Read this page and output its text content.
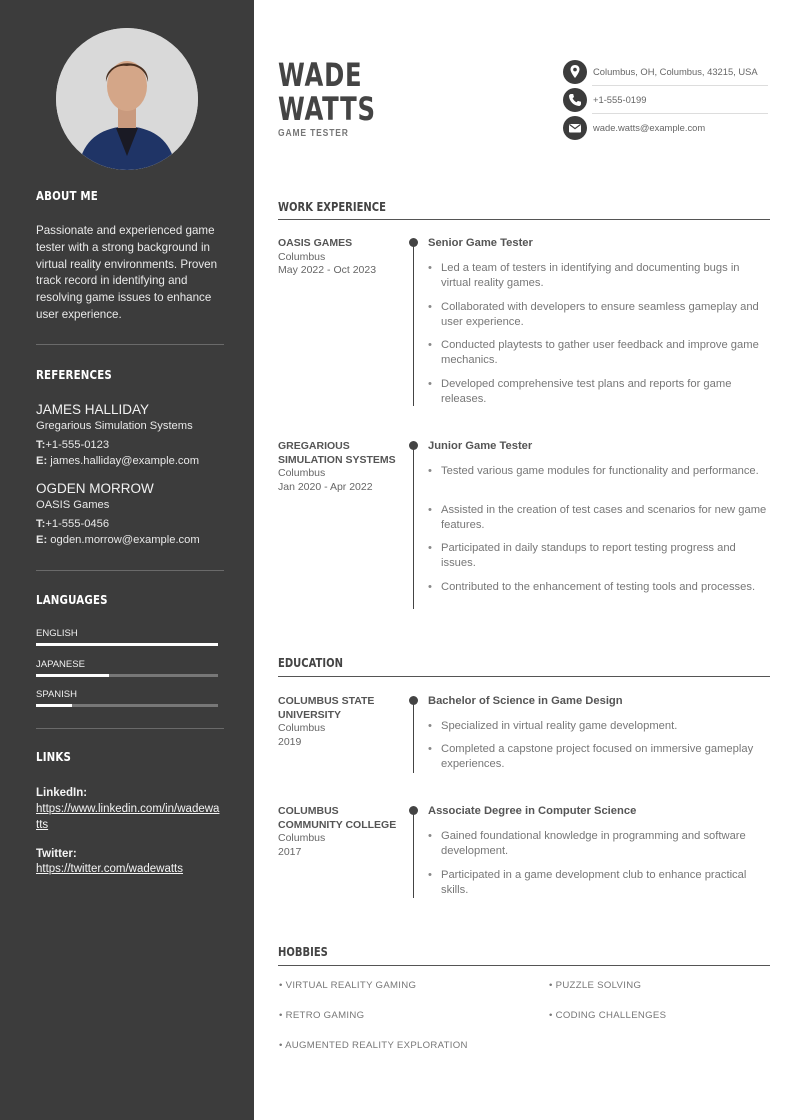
ABOUT ME
Passionate and experienced game tester with a strong background in virtual reality environments. Proven track record in identifying and resolving game issues to enhance user experience.
REFERENCES
JAMES HALLIDAY
Gregarious Simulation Systems
T:+1-555-0123
E: james.halliday@example.com
OGDEN MORROW
OASIS Games
T:+1-555-0456
E: ogden.morrow@example.com
LANGUAGES
ENGLISH
JAPANESE
SPANISH
LINKS
LinkedIn:
https://www.linkedin.com/in/wadewatts
Twitter:
https://twitter.com/wadewatts
WADE
WATTS
GAME TESTER
Columbus, OH, Columbus, 43215, USA
+1-555-0199
wade.watts@example.com
WORK EXPERIENCE
OASIS GAMES
Columbus
May 2022 - Oct 2023
Senior Game Tester
• Led a team of testers in identifying and documenting bugs in virtual reality games.
• Collaborated with developers to ensure seamless gameplay and user experience.
• Conducted playtests to gather user feedback and improve game mechanics.
• Developed comprehensive test plans and reports for game releases.
GREGARIOUS SIMULATION SYSTEMS
Columbus
Jan 2020 - Apr 2022
Junior Game Tester
• Tested various game modules for functionality and performance.
• Assisted in the creation of test cases and scenarios for new game features.
• Participated in daily standups to report testing progress and issues.
• Contributed to the enhancement of testing tools and processes.
EDUCATION
COLUMBUS STATE UNIVERSITY
Columbus
2019
Bachelor of Science in Game Design
• Specialized in virtual reality game development.
• Completed a capstone project focused on immersive gameplay experiences.
COLUMBUS COMMUNITY COLLEGE
Columbus
2017
Associate Degree in Computer Science
• Gained foundational knowledge in programming and software development.
• Participated in a game development club to enhance practical skills.
HOBBIES
• VIRTUAL REALITY GAMING	• PUZZLE SOLVING
• RETRO GAMING	• CODING CHALLENGES
• AUGMENTED REALITY EXPLORATION
